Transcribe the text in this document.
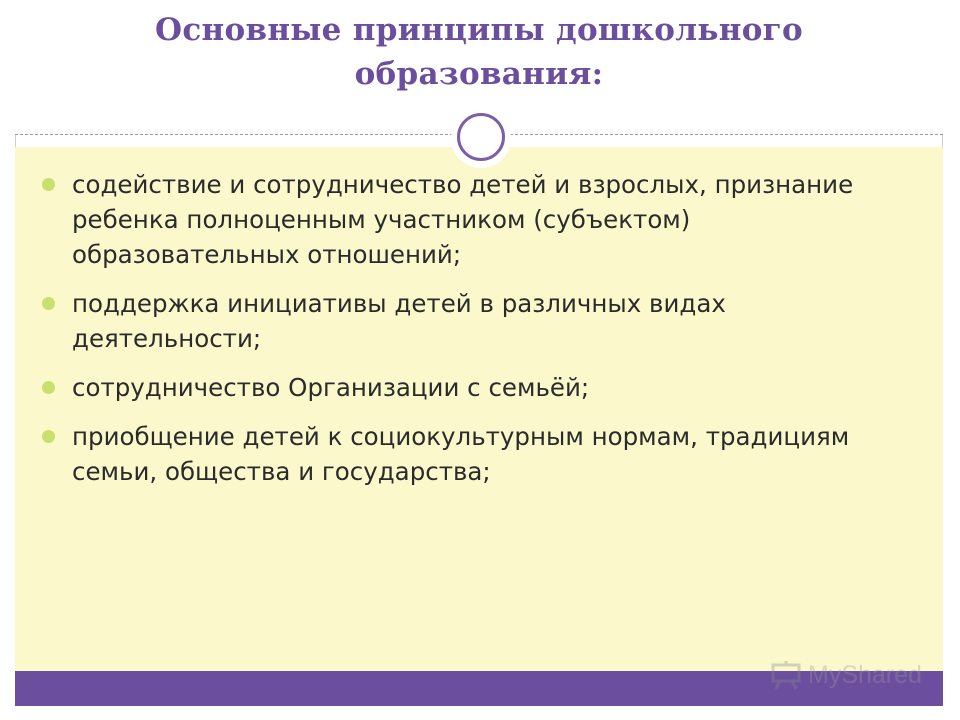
Основные принципы дошкольного образования:
содействие и сотрудничество детей и взрослых, признание ребенка полноценным участником (субъектом) образовательных отношений;
поддержка инициативы детей в различных видах деятельности;
сотрудничество Организации с семьёй;
приобщение детей к социокультурным нормам, традициям семьи, общества и государства;
MyShared
